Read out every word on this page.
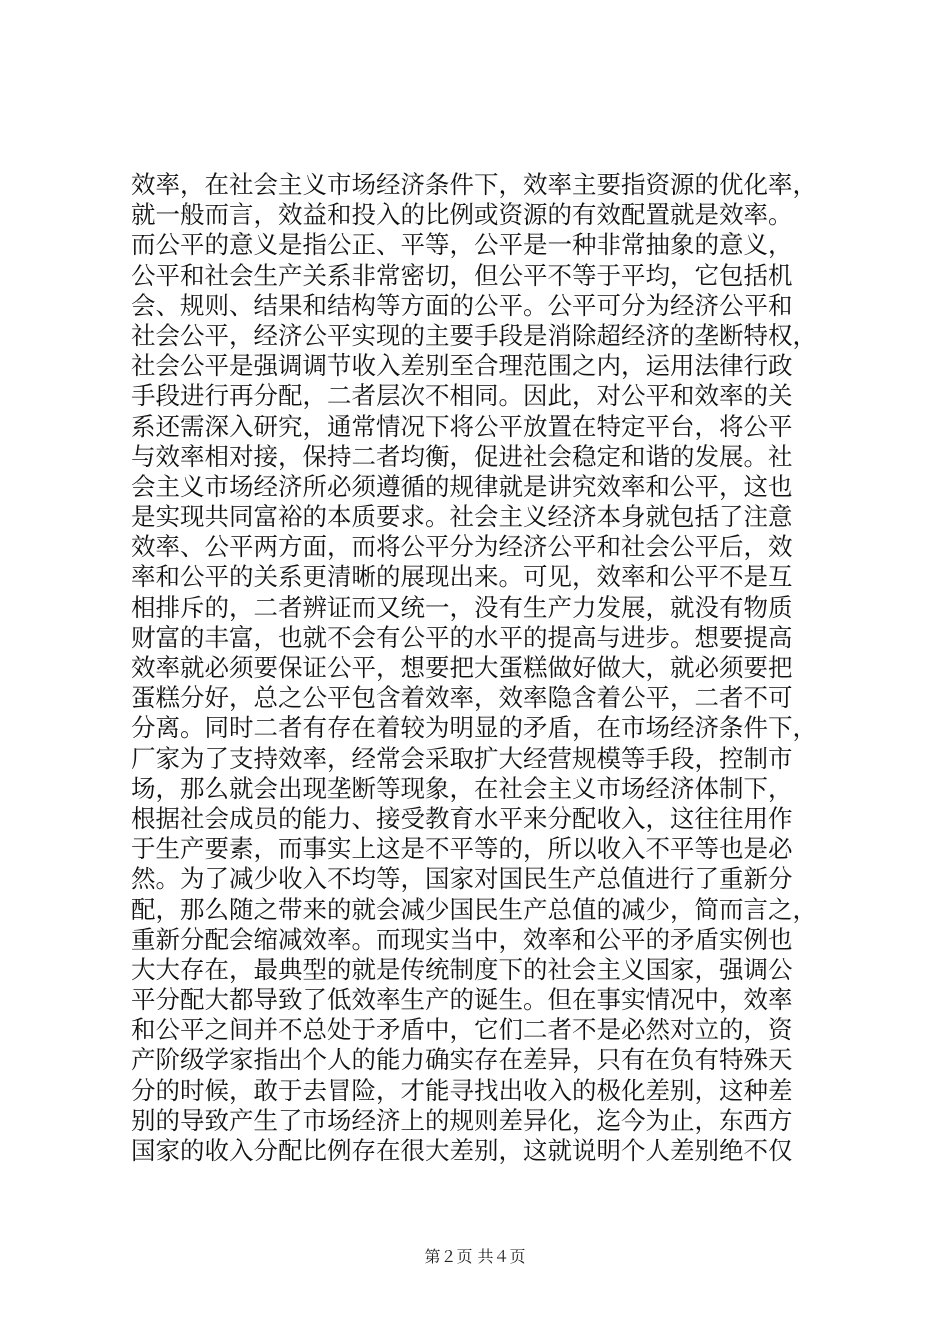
效率，在社会主义市场经济条件下，效率主要指资源的优化率，
就一般而言，效益和投入的比例或资源的有效配置就是效率。
而公平的意义是指公正、平等，公平是一种非常抽象的意义，
公平和社会生产关系非常密切，但公平不等于平均，它包括机
会、规则、结果和结构等方面的公平。公平可分为经济公平和
社会公平，经济公平实现的主要手段是消除超经济的垄断特权，
社会公平是强调调节收入差别至合理范围之内，运用法律行政
手段进行再分配，二者层次不相同。因此，对公平和效率的关
系还需深入研究，通常情况下将公平放置在特定平台，将公平
与效率相对接，保持二者均衡，促进社会稳定和谐的发展。社
会主义市场经济所必须遵循的规律就是讲究效率和公平，这也
是实现共同富裕的本质要求。社会主义经济本身就包括了注意
效率、公平两方面，而将公平分为经济公平和社会公平后，效
率和公平的关系更清晰的展现出来。可见，效率和公平不是互
相排斥的，二者辨证而又统一，没有生产力发展，就没有物质
财富的丰富，也就不会有公平的水平的提高与进步。想要提高
效率就必须要保证公平，想要把大蛋糕做好做大，就必须要把
蛋糕分好，总之公平包含着效率，效率隐含着公平，二者不可
分离。同时二者有存在着较为明显的矛盾，在市场经济条件下，
厂家为了支持效率，经常会采取扩大经营规模等手段，控制市
场，那么就会出现垄断等现象，在社会主义市场经济体制下，
根据社会成员的能力、接受教育水平来分配收入，这往往用作
于生产要素，而事实上这是不平等的，所以收入不平等也是必
然。为了减少收入不均等，国家对国民生产总值进行了重新分
配，那么随之带来的就会减少国民生产总值的减少，简而言之，
重新分配会缩减效率。而现实当中，效率和公平的矛盾实例也
大大存在，最典型的就是传统制度下的社会主义国家，强调公
平分配大都导致了低效率生产的诞生。但在事实情况中，效率
和公平之间并不总处于矛盾中，它们二者不是必然对立的，资
产阶级学家指出个人的能力确实存在差异，只有在负有特殊天
分的时候，敢于去冒险，才能寻找出收入的极化差别，这种差
别的导致产生了市场经济上的规则差异化，迄今为止，东西方
国家的收入分配比例存在很大差别，这就说明个人差别绝不仅
第２页 共４页
